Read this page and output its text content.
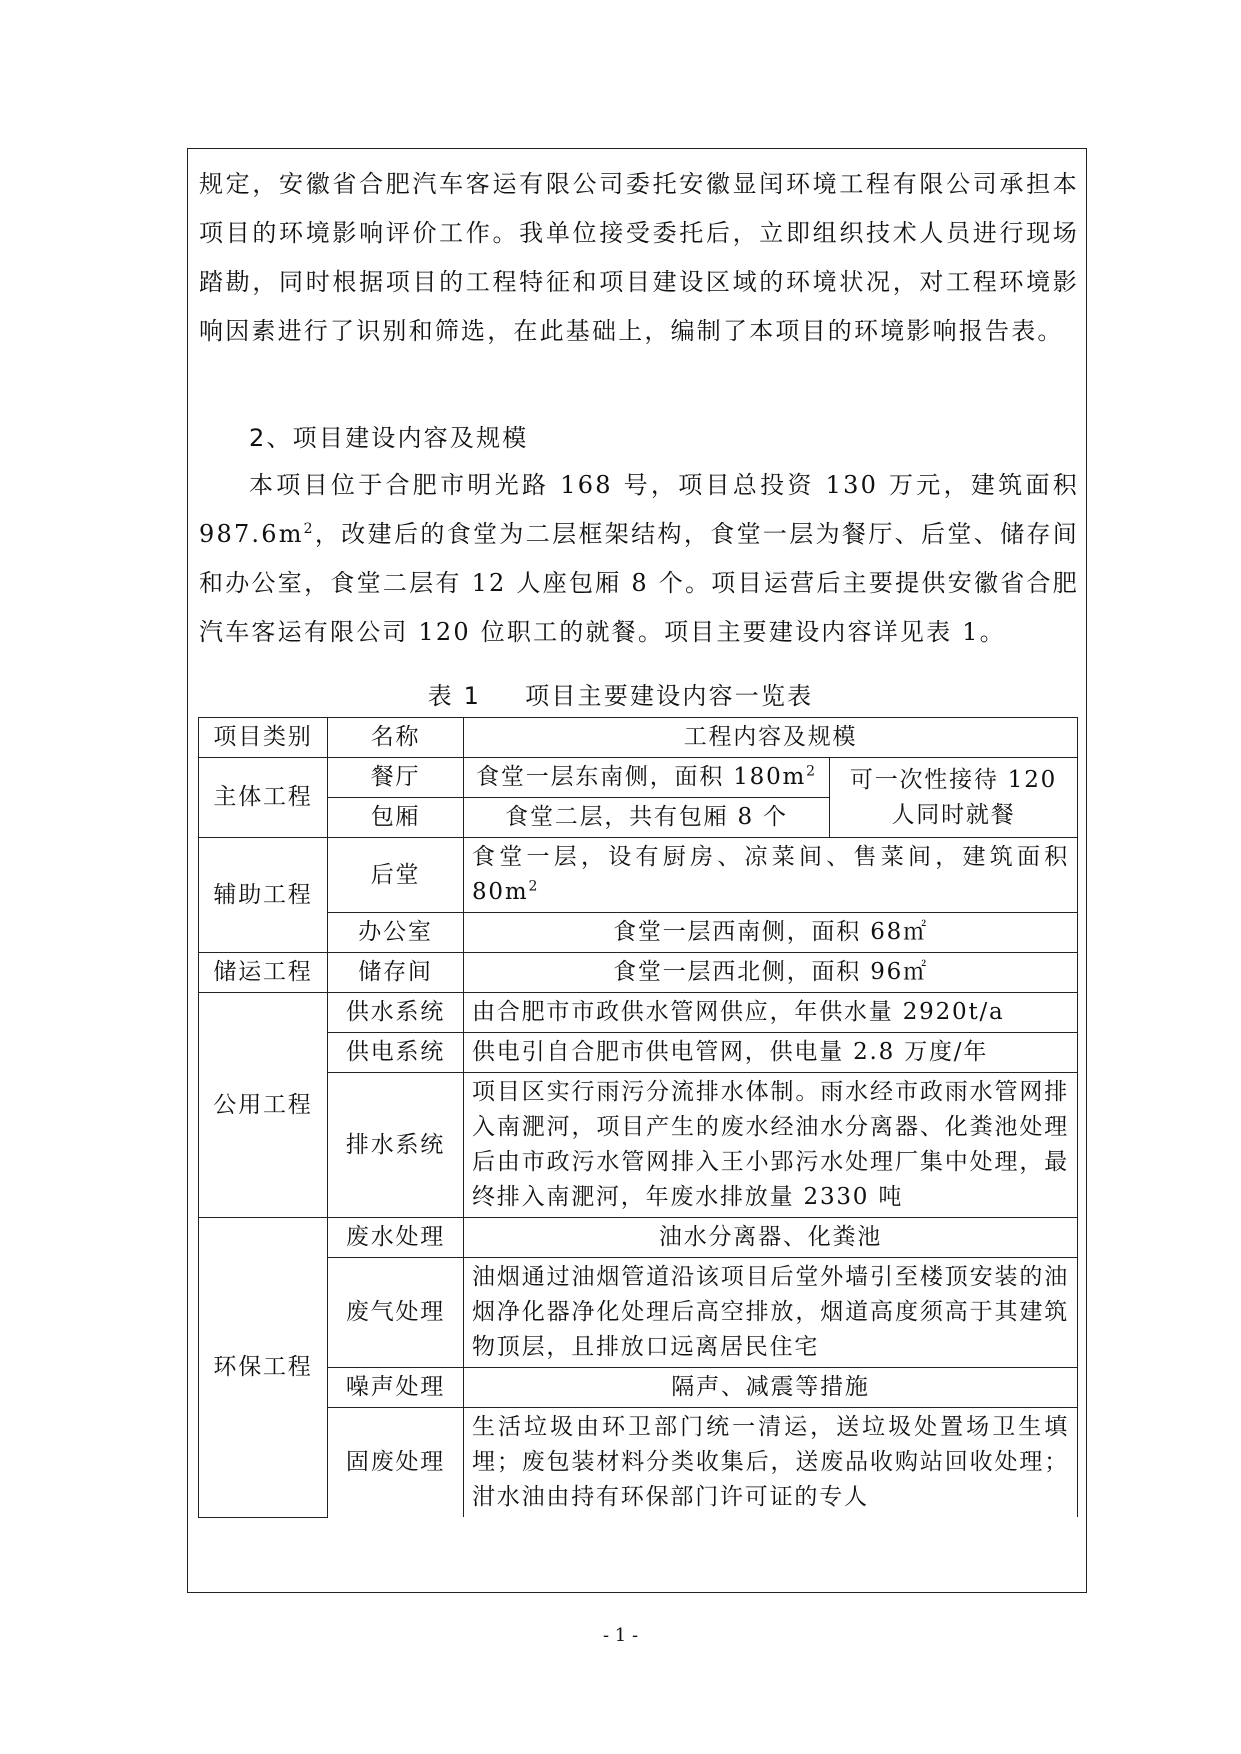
规定，安徽省合肥汽车客运有限公司委托安徽显闰环境工程有限公司承担本项目的环境影响评价工作。我单位接受委托后，立即组织技术人员进行现场踏勘，同时根据项目的工程特征和项目建设区域的环境状况，对工程环境影响因素进行了识别和筛选，在此基础上，编制了本项目的环境影响报告表。

2、项目建设内容及规模

本项目位于合肥市明光路 168 号，项目总投资 130 万元，建筑面积 $987.6m^2$，改建后的食堂为二层框架结构，食堂一层为餐厅、后堂、储存间和办公室，食堂二层有 12 人座包厢 8 个。项目运营后主要提供安徽省合肥汽车客运有限公司 120 位职工的就餐。项目主要建设内容详见表 1。

表 1 项目主要建设内容一览表
项目类别	名称	工程内容及规模	
主体工程	餐厅	食堂一层东南侧，面积 $180m^2$	可一次性接待 120 人同时就餐
	包厢	食堂二层，共有包厢 8 个	
辅助工程	后堂	食堂一层，设有厨房、凉菜间、售菜间，建筑面积 $80m^2$
	办公室	食堂一层西南侧，面积 68㎡	
储运工程	储存间	食堂一层西北侧，面积 96㎡	
公用工程	供水系统	由合肥市市政供水管网供应，年供水量 2920t/a	
	供电系统	供电引自合肥市供电管网，供电量 2.8 万度/年	
	排水系统	项目区实行雨污分流排水体制。雨水经市政雨水管网排入南淝河，项目产生的废水经油水分离器、化粪池处理后由市政污水管网排入王小郢污水处理厂集中处理，最终排入南淝河，年废水排放量 2330 吨	
环保工程	废水处理	油水分离器、化粪池	
	废气处理	油烟通过油烟管道沿该项目后堂外墙引至楼顶安装的油烟净化器净化处理后高空排放，烟道高度须高于其建筑物顶层，且排放口远离居民住宅	
	噪声处理	隔声、减震等措施	
	固废处理	生活垃圾由环卫部门统一清运，送垃圾处置场卫生填埋；废包装材料分类收集后，送废品收购站回收处理；泔水油由持有环保部门许可证的专人	
- 1 -
